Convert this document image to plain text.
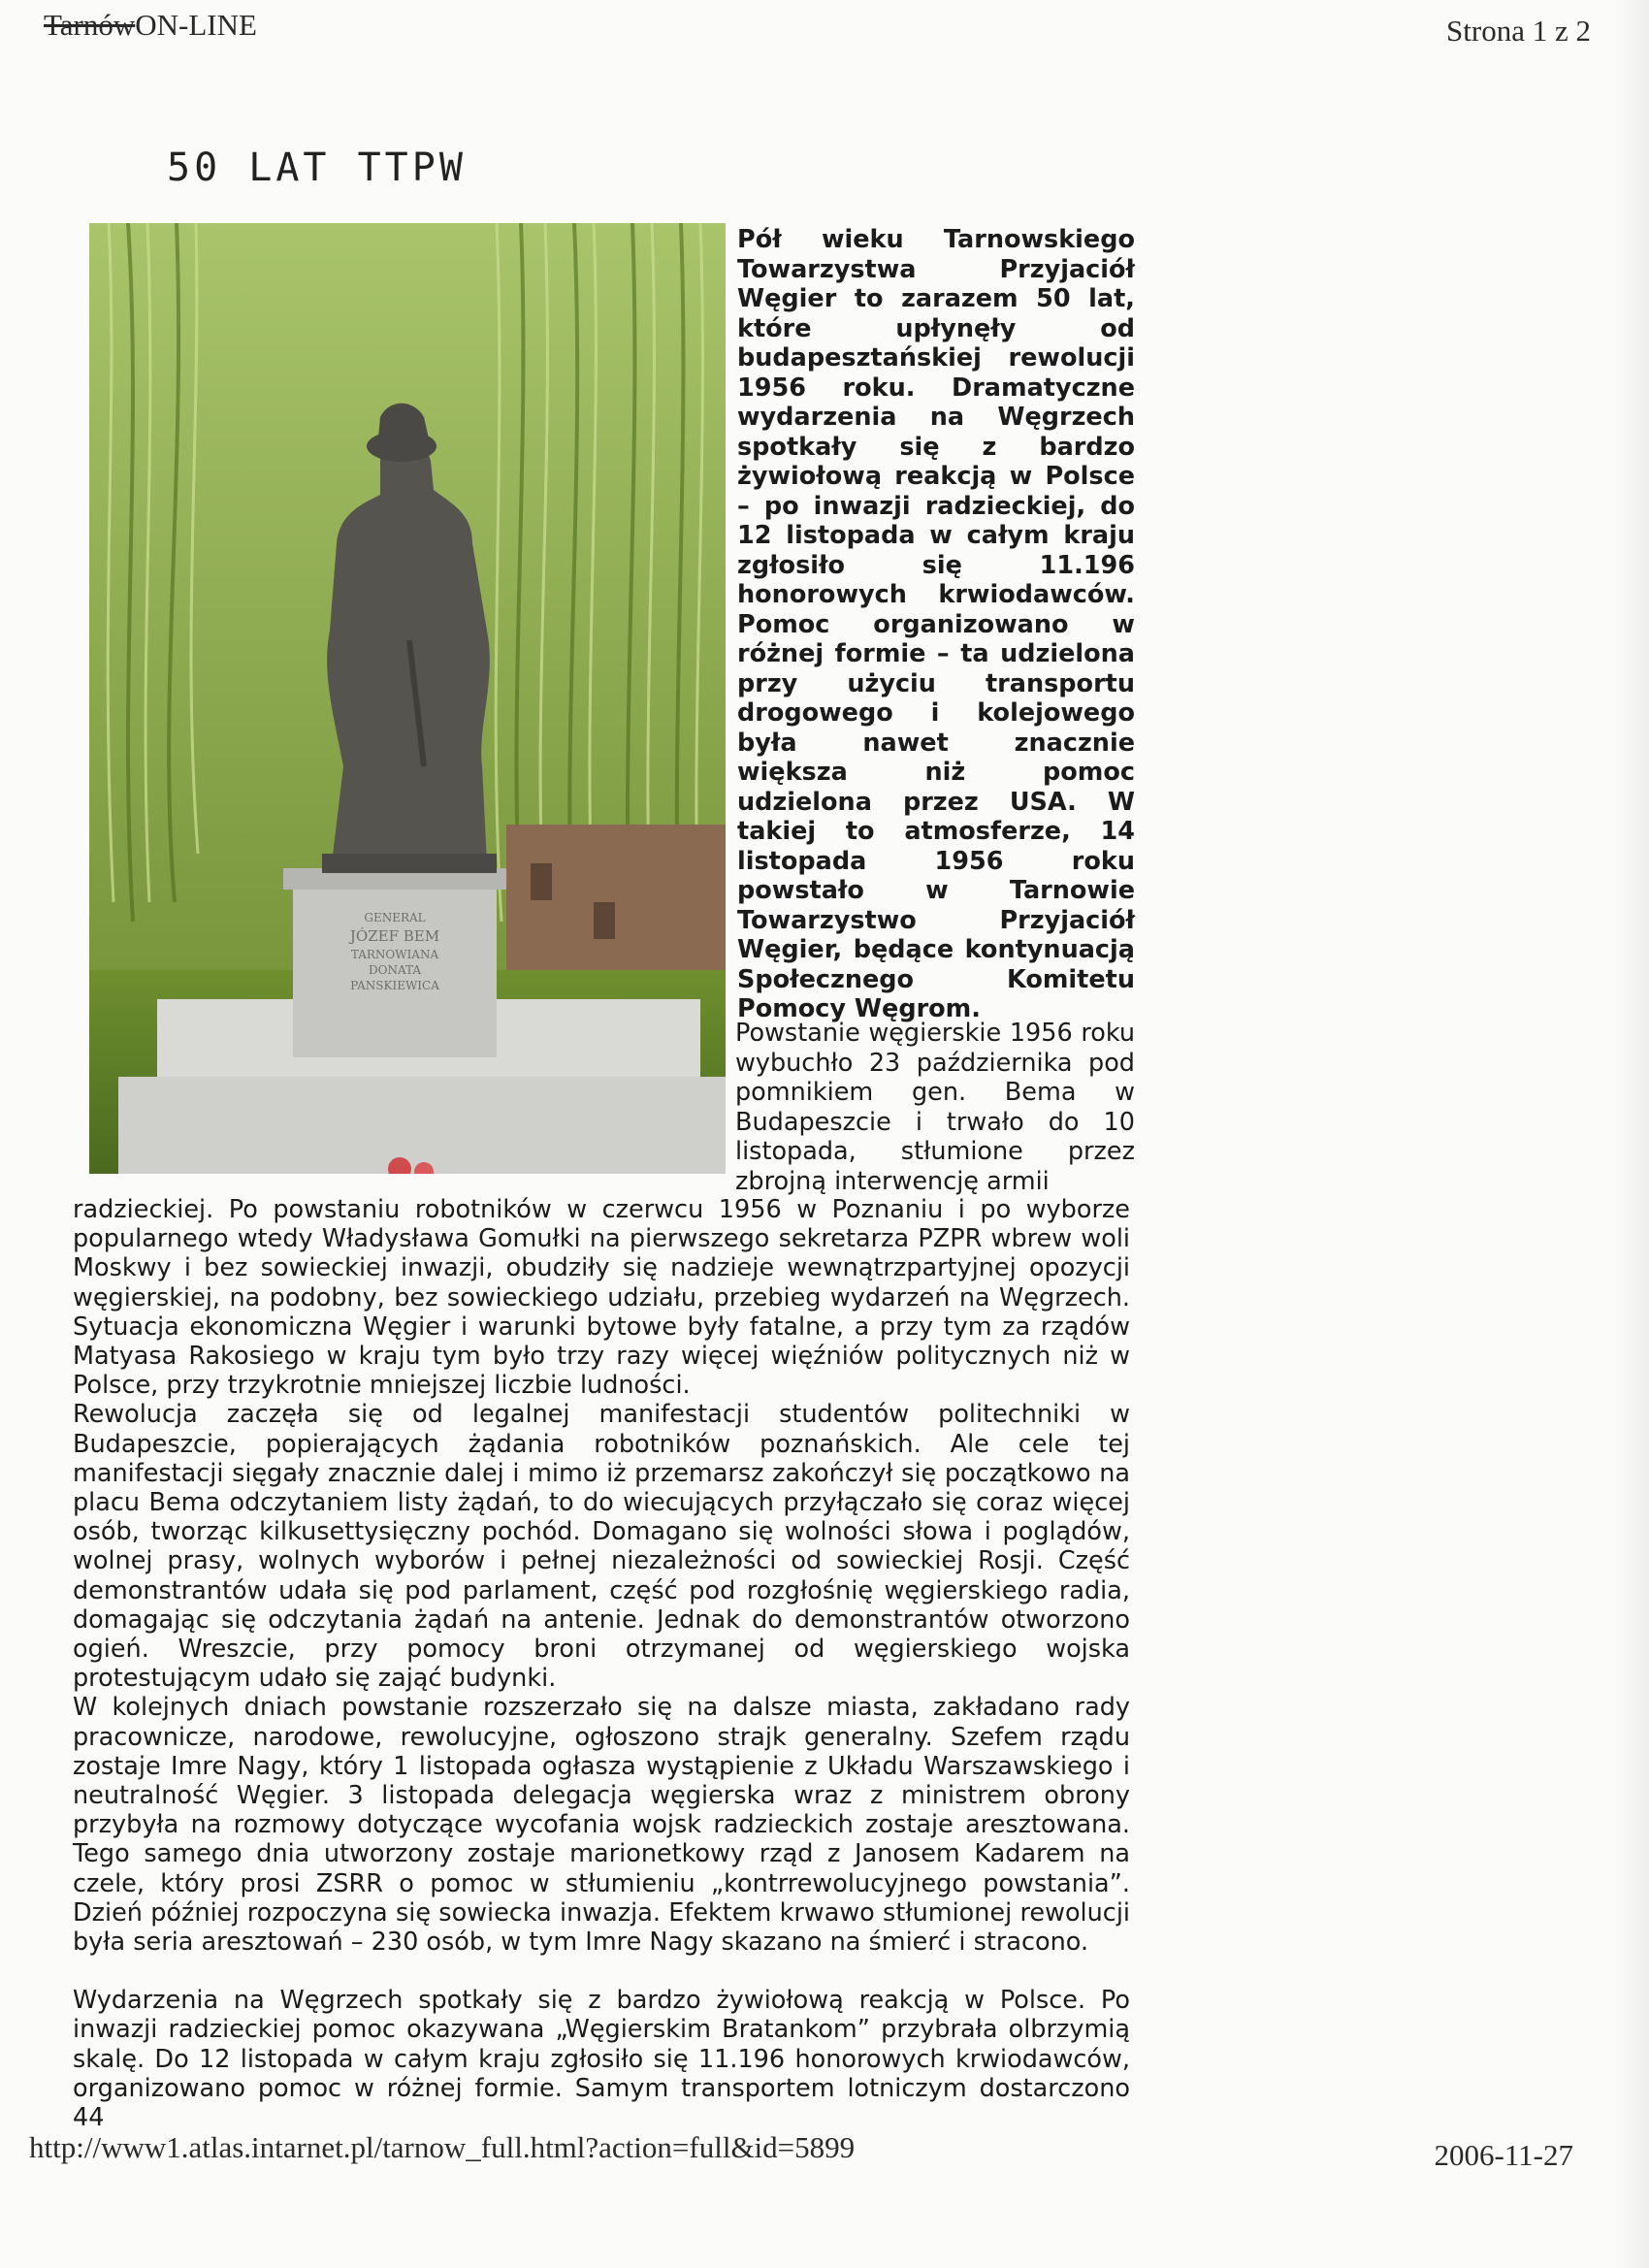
TarnówON-LINE	Strona 1 z 2
50 LAT TTPW
GENERAL
JÓZEF BEM
TARNOWIANA
DONATA
PANSKIEWICA
Pół wieku Tarnowskiego Towarzystwa Przyjaciół Węgier to zarazem 50 lat, które upłynęły od budapesztańskiej rewolucji 1956 roku. Dramatyczne wydarzenia na Węgrzech spotkały się z bardzo żywiołową reakcją w Polsce – po inwazji radzieckiej, do 12 listopada w całym kraju zgłosiło się 11.196 honorowych krwiodawców. Pomoc organizowano w różnej formie – ta udzielona przy użyciu transportu drogowego i kolejowego była nawet znacznie większa niż pomoc udzielona przez USA. W takiej to atmosferze, 14 listopada 1956 roku powstało w Tarnowie Towarzystwo Przyjaciół Węgier, będące kontynuacją Społecznego Komitetu Pomocy Węgrom.
Powstanie węgierskie 1956 roku wybuchło 23 października pod pomnikiem gen. Bema w Budapeszcie i trwało do 10 listopada, stłumione przez zbrojną interwencję armii

radzieckiej. Po powstaniu robotników w czerwcu 1956 w Poznaniu i po wyborze popularnego wtedy Władysława Gomułki na pierwszego sekretarza PZPR wbrew woli Moskwy i bez sowieckiej inwazji, obudziły się nadzieje wewnątrzpartyjnej opozycji węgierskiej, na podobny, bez sowieckiego udziału, przebieg wydarzeń na Węgrzech. Sytuacja ekonomiczna Węgier i warunki bytowe były fatalne, a przy tym za rządów Matyasa Rakosiego w kraju tym było trzy razy więcej więźniów politycznych niż w Polsce, przy trzykrotnie mniejszej liczbie ludności.

Rewolucja zaczęła się od legalnej manifestacji studentów politechniki w Budapeszcie, popierających żądania robotników poznańskich. Ale cele tej manifestacji sięgały znacznie dalej i mimo iż przemarsz zakończył się początkowo na placu Bema odczytaniem listy żądań, to do wiecujących przyłączało się coraz więcej osób, tworząc kilkusettysięczny pochód. Domagano się wolności słowa i poglądów, wolnej prasy, wolnych wyborów i pełnej niezależności od sowieckiej Rosji. Część demonstrantów udała się pod parlament, część pod rozgłośnię węgierskiego radia, domagając się odczytania żądań na antenie. Jednak do demonstrantów otworzono ogień. Wreszcie, przy pomocy broni otrzymanej od węgierskiego wojska protestującym udało się zająć budynki.

W kolejnych dniach powstanie rozszerzało się na dalsze miasta, zakładano rady pracownicze, narodowe, rewolucyjne, ogłoszono strajk generalny. Szefem rządu zostaje Imre Nagy, który 1 listopada ogłasza wystąpienie z Układu Warszawskiego i neutralność Węgier. 3 listopada delegacja węgierska wraz z ministrem obrony przybyła na rozmowy dotyczące wycofania wojsk radzieckich zostaje aresztowana. Tego samego dnia utworzony zostaje marionetkowy rząd z Janosem Kadarem na czele, który prosi ZSRR o pomoc w stłumieniu „kontrrewolucyjnego powstania”. Dzień później rozpoczyna się sowiecka inwazja. Efektem krwawo stłumionej rewolucji była seria aresztowań – 230 osób, w tym Imre Nagy skazano na śmierć i stracono.

Wydarzenia na Węgrzech spotkały się z bardzo żywiołową reakcją w Polsce. Po inwazji radzieckiej pomoc okazywana „Węgierskim Bratankom” przybrała olbrzymią skalę. Do 12 listopada w całym kraju zgłosiło się 11.196 honorowych krwiodawców, organizowano pomoc w różnej formie. Samym transportem lotniczym dostarczono 44

http://www1.atlas.intarnet.pl/tarnow_full.html?action=full&id=5899	2006-11-27
